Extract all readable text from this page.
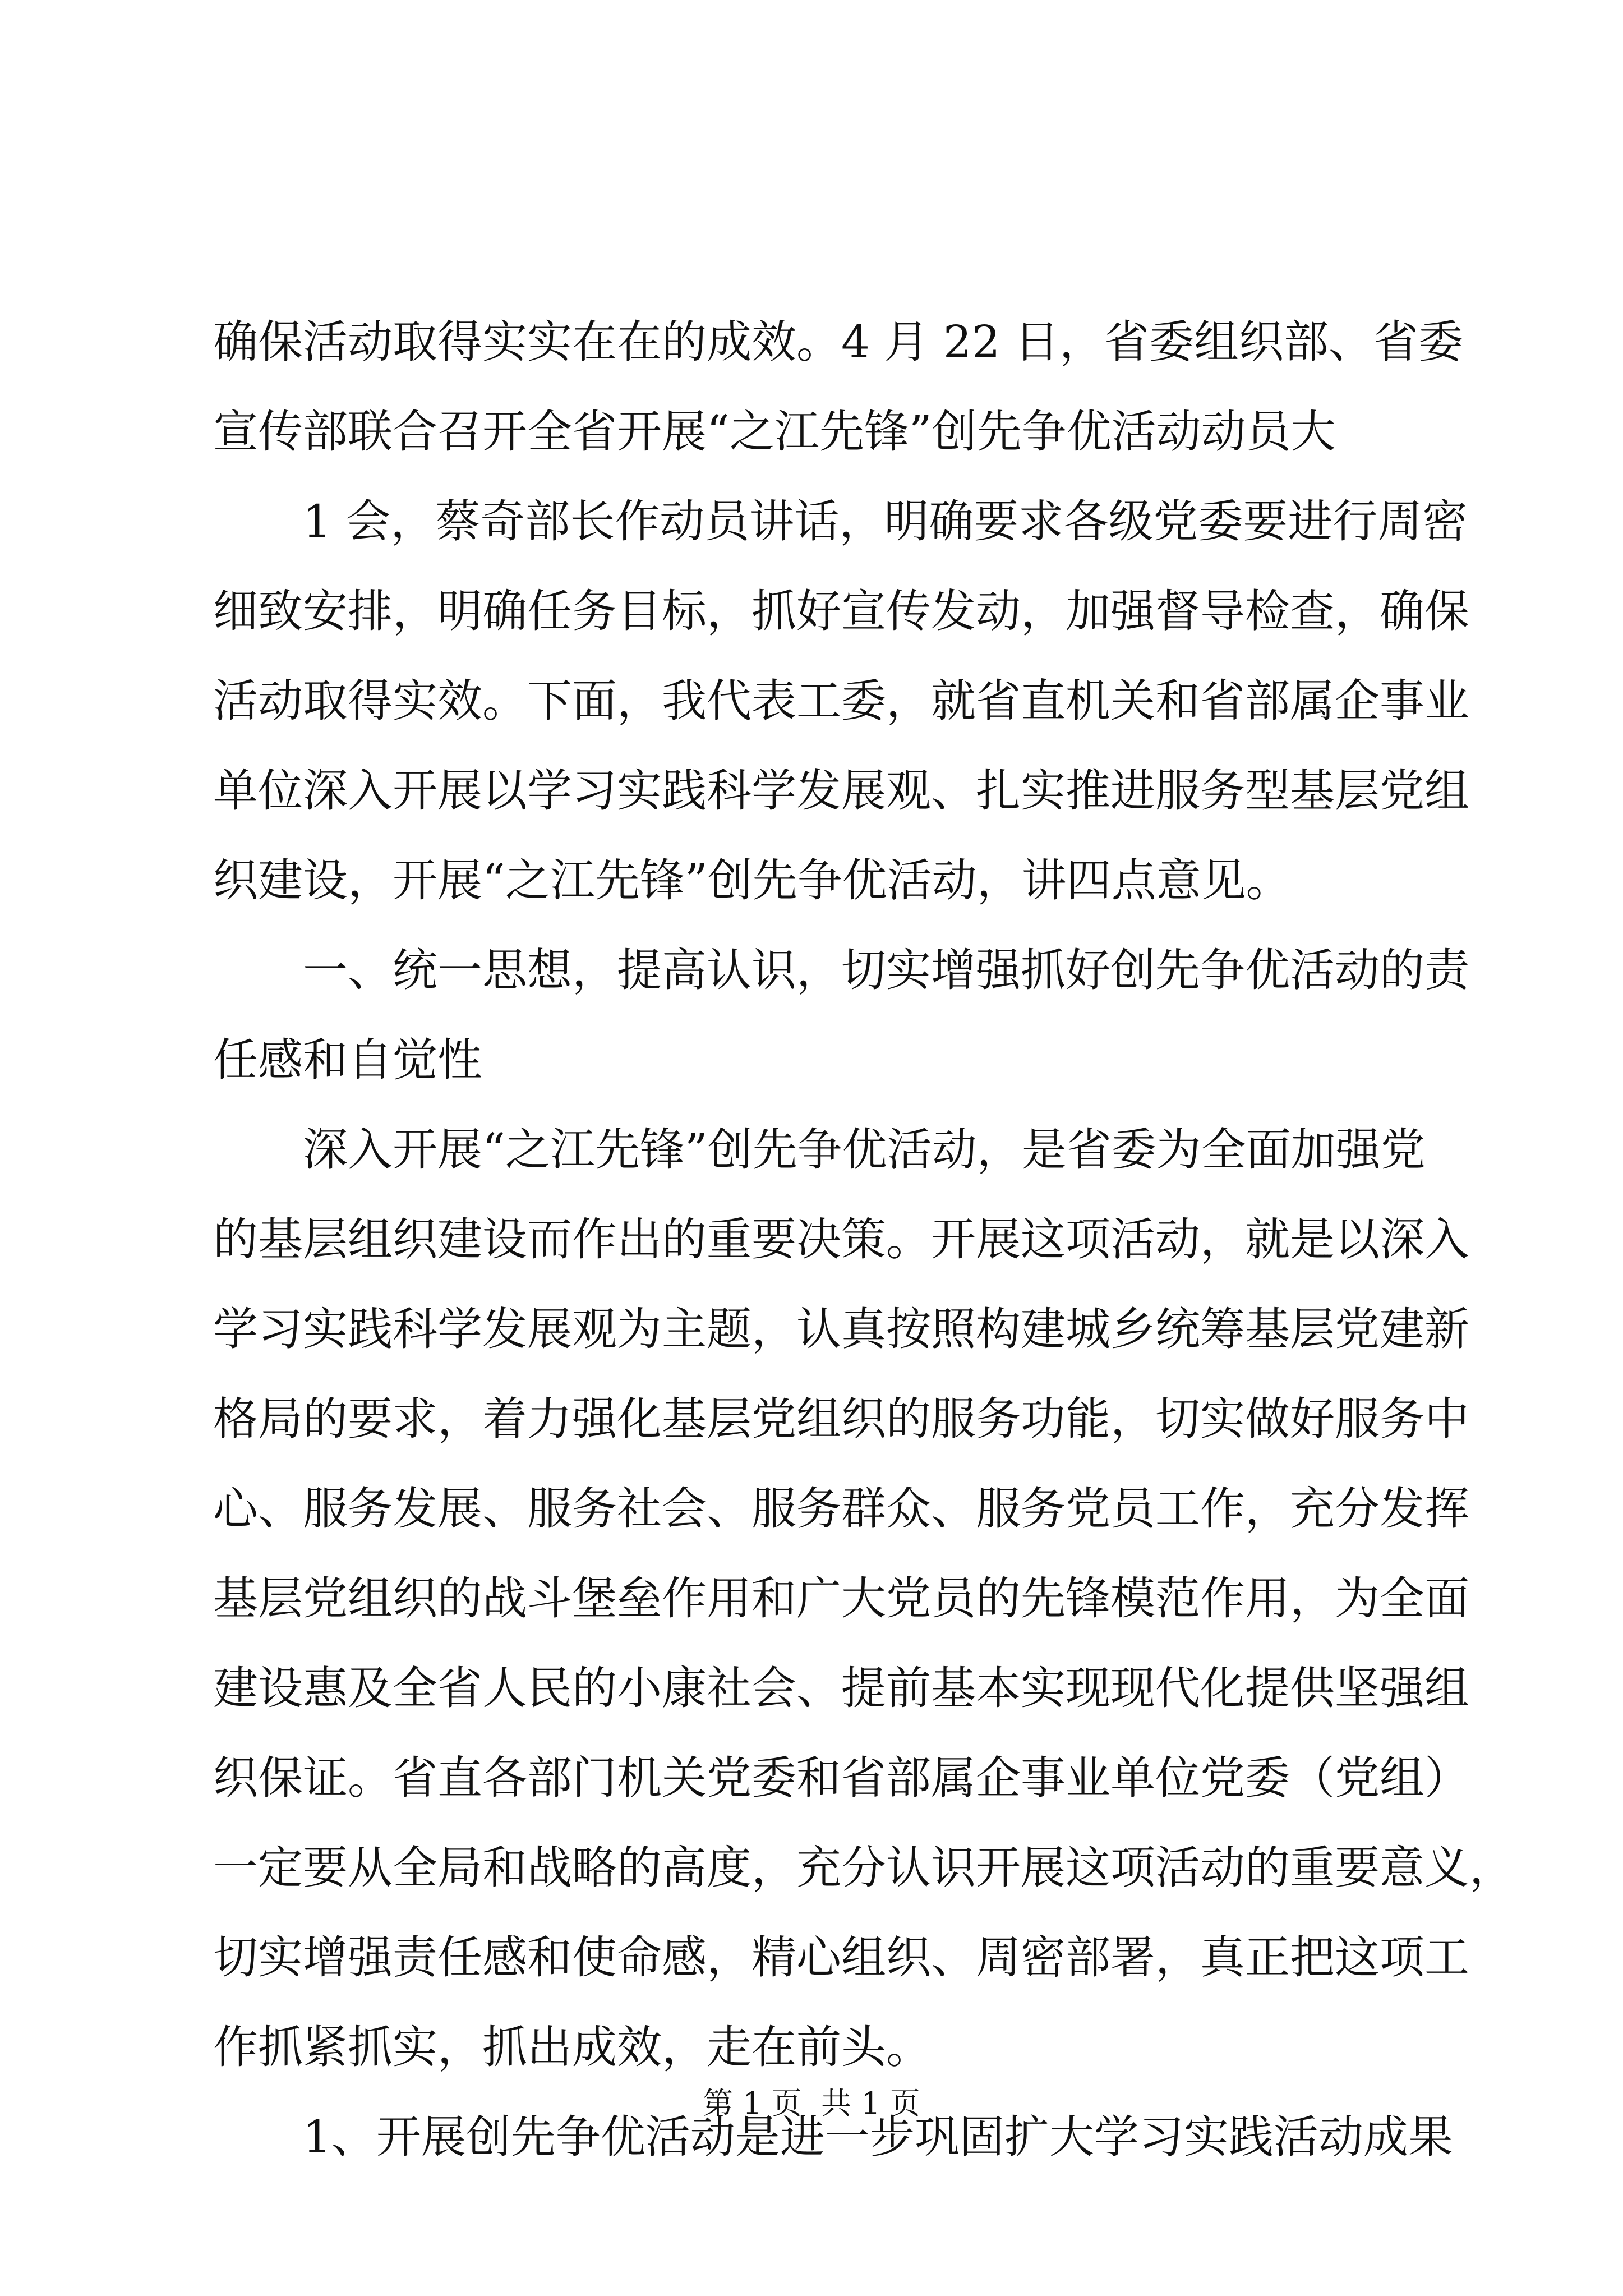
确保活动取得实实在在的成效。4 月 22 日，省委组织部、省委
宣传部联合召开全省开展“之江先锋”创先争优活动动员大
1 会，蔡奇部长作动员讲话，明确要求各级党委要进行周密
细致安排，明确任务目标，抓好宣传发动，加强督导检查，确保
活动取得实效。下面，我代表工委，就省直机关和省部属企事业
单位深入开展以学习实践科学发展观、扎实推进服务型基层党组
织建设，开展“之江先锋”创先争优活动，讲四点意见。
一、统一思想，提高认识，切实增强抓好创先争优活动的责
任感和自觉性
深入开展“之江先锋”创先争优活动，是省委为全面加强党
的基层组织建设而作出的重要决策。开展这项活动，就是以深入
学习实践科学发展观为主题，认真按照构建城乡统筹基层党建新
格局的要求，着力强化基层党组织的服务功能，切实做好服务中
心、服务发展、服务社会、服务群众、服务党员工作，充分发挥
基层党组织的战斗堡垒作用和广大党员的先锋模范作用，为全面
建设惠及全省人民的小康社会、提前基本实现现代化提供坚强组
织保证。省直各部门机关党委和省部属企事业单位党委（党组）
一定要从全局和战略的高度，充分认识开展这项活动的重要意义，
切实增强责任感和使命感，精心组织、周密部署，真正把这项工
作抓紧抓实，抓出成效，走在前头。
1、开展创先争优活动是进一步巩固扩大学习实践活动成果
第 1 页  共 1 页
